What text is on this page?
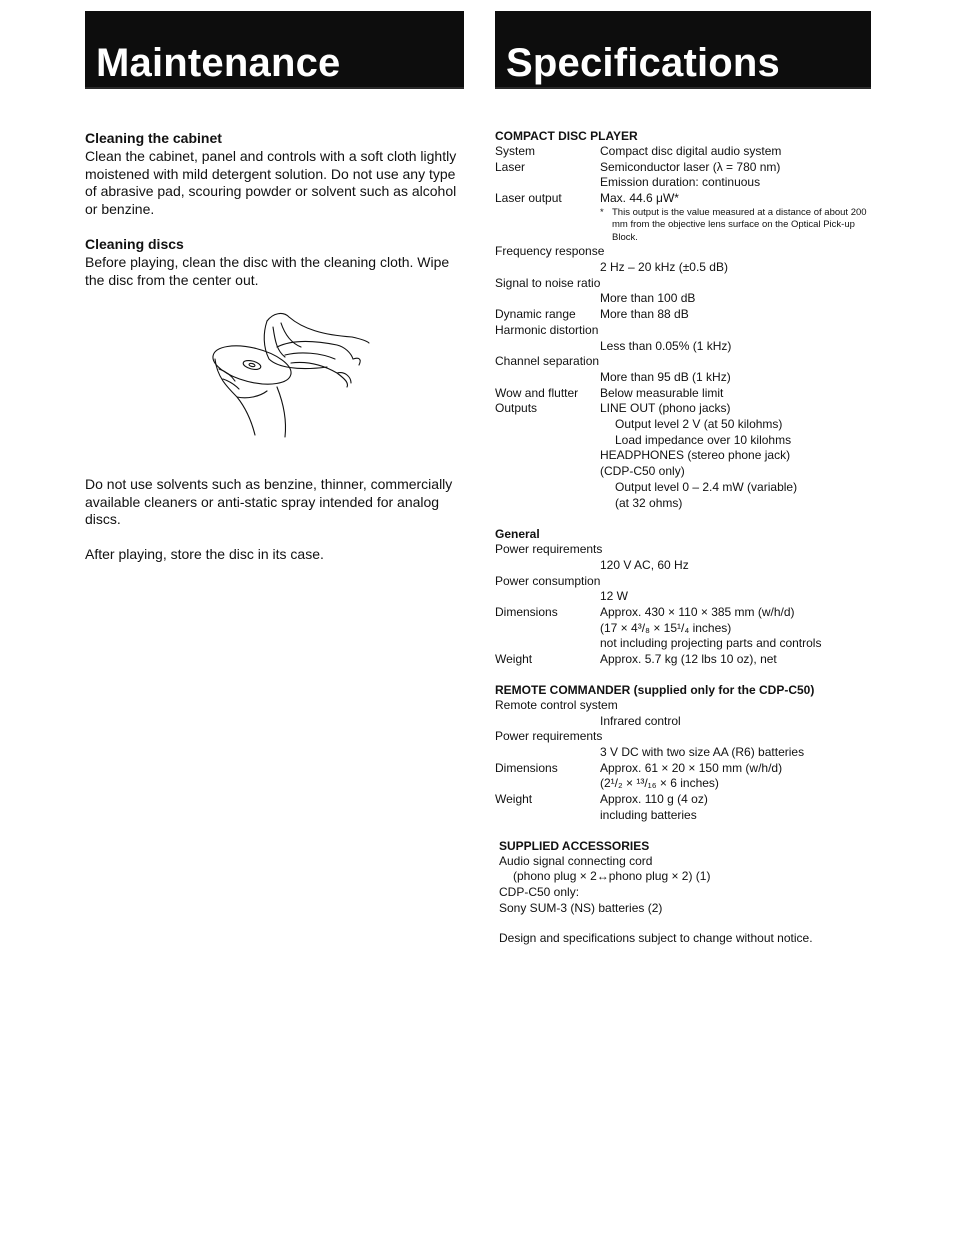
Maintenance	Specifications
Cleaning the cabinet

Clean the cabinet, panel and controls with a soft cloth lightly moistened with mild detergent solution. Do not use any type of abrasive pad, scouring powder or solvent such as alcohol or benzine.

Cleaning discs

Before playing, clean the disc with the cleaning cloth. Wipe the disc from the center out.

Do not use solvents such as benzine, thinner, commercially available cleaners or anti-static spray intended for analog discs.

After playing, store the disc in its case.

COMPACT DISC PLAYER
System	Compact disc digital audio system
Laser	Semiconductor laser (λ = 780 nm)
Emission duration: continuous
Laser output	Max. 44.6 μW*
* This output is the value measured at a distance of about 200 mm from the objective lens surface on the Optical Pick-up Block.
Frequency response
2 Hz – 20 kHz (±0.5 dB)
Signal to noise ratio
More than 100 dB
Dynamic range	More than 88 dB
Harmonic distortion
Less than 0.05% (1 kHz)
Channel separation
More than 95 dB (1 kHz)
Wow and flutter	Below measurable limit
Outputs	LINE OUT (phono jacks)
Output level 2 V (at 50 kilohms)
Load impedance over 10 kilohms
HEADPHONES (stereo phone jack)
(CDP-C50 only)
Output level 0 – 2.4 mW (variable)
(at 32 ohms)
General
Power requirements
120 V AC, 60 Hz
Power consumption
12 W
Dimensions	Approx. 430 × 110 × 385 mm (w/h/d)
(17 × 4³/₈ × 15¹/₄ inches)
not including projecting parts and controls
Weight	Approx. 5.7 kg (12 lbs 10 oz), net
REMOTE COMMANDER (supplied only for the CDP-C50)
Remote control system
Infrared control
Power requirements
3 V DC with two size AA (R6) batteries
Dimensions	Approx. 61 × 20 × 150 mm (w/h/d)
(2¹/₂ × ¹³/₁₆ × 6 inches)
Weight	Approx. 110 g (4 oz)
including batteries
SUPPLIED ACCESSORIES
Audio signal connecting cord
(phono plug × 2↔phono plug × 2) (1)
CDP-C50 only:
Sony SUM-3 (NS) batteries (2)
Design and specifications subject to change without notice.
